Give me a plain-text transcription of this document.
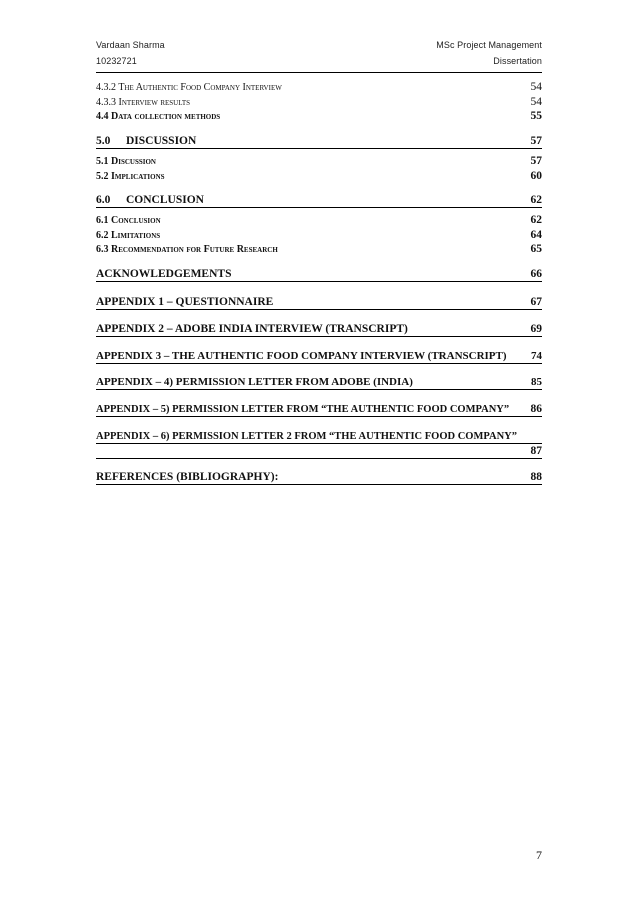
Vardaan Sharma
10232721
MSc Project Management
Dissertation
4.3.2 The Authentic Food Company Interview	54
4.3.3 Interview results	54
4.4 Data collection methods	55
5.0 DISCUSSION	57
5.1 Discussion	57
5.2 Implications	60
6.0 CONCLUSION	62
6.1 Conclusion	62
6.2 Limitations	64
6.3 Recommendation for Future Research	65
ACKNOWLEDGEMENTS	66
APPENDIX 1 – QUESTIONNAIRE	67
APPENDIX 2 – ADOBE INDIA INTERVIEW (TRANSCRIPT)	69
APPENDIX 3 – THE AUTHENTIC FOOD COMPANY INTERVIEW (TRANSCRIPT) 74
APPENDIX – 4) PERMISSION LETTER FROM ADOBE (INDIA)	85
APPENDIX – 5) PERMISSION LETTER FROM “THE AUTHENTIC FOOD COMPANY” 86
APPENDIX – 6) PERMISSION LETTER 2 FROM “THE AUTHENTIC FOOD COMPANY”
87
REFERENCES (BIBLIOGRAPHY):	88
7
